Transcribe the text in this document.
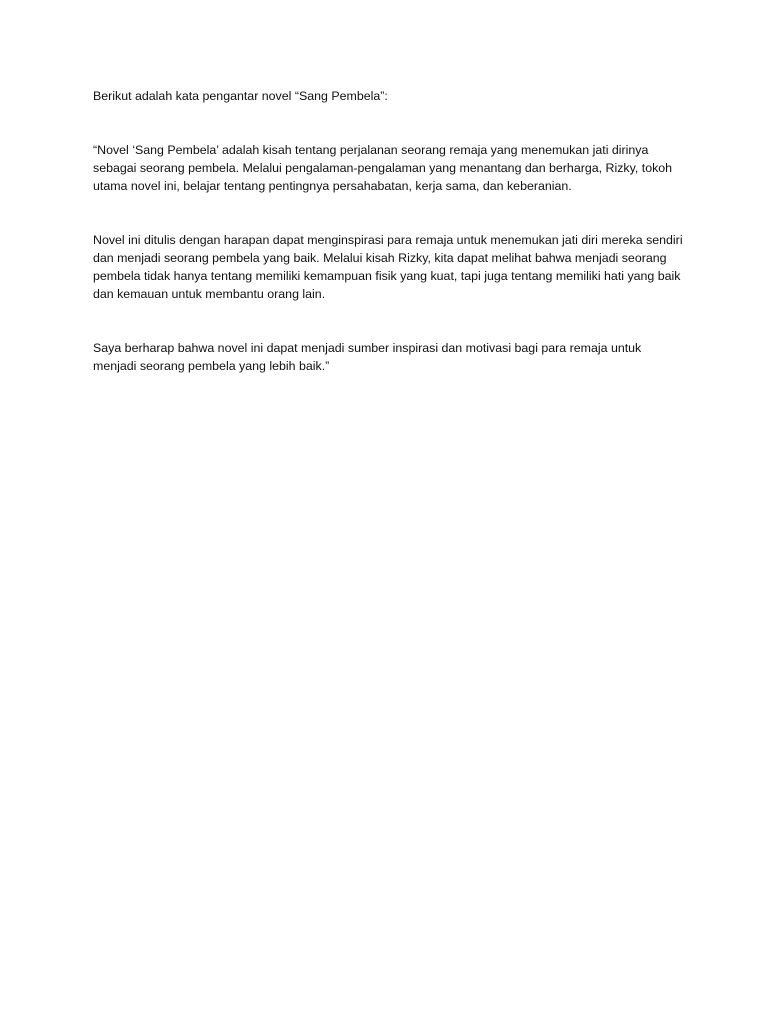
Berikut adalah kata pengantar novel “Sang Pembela”:

“Novel ‘Sang Pembela’ adalah kisah tentang perjalanan seorang remaja yang menemukan jati dirinya sebagai seorang pembela. Melalui pengalaman-pengalaman yang menantang dan berharga, Rizky, tokoh utama novel ini, belajar tentang pentingnya persahabatan, kerja sama, dan keberanian.

Novel ini ditulis dengan harapan dapat menginspirasi para remaja untuk menemukan jati diri mereka sendiri dan menjadi seorang pembela yang baik. Melalui kisah Rizky, kita dapat melihat bahwa menjadi seorang pembela tidak hanya tentang memiliki kemampuan fisik yang kuat, tapi juga tentang memiliki hati yang baik dan kemauan untuk membantu orang lain.

Saya berharap bahwa novel ini dapat menjadi sumber inspirasi dan motivasi bagi para remaja untuk menjadi seorang pembela yang lebih baik.”
